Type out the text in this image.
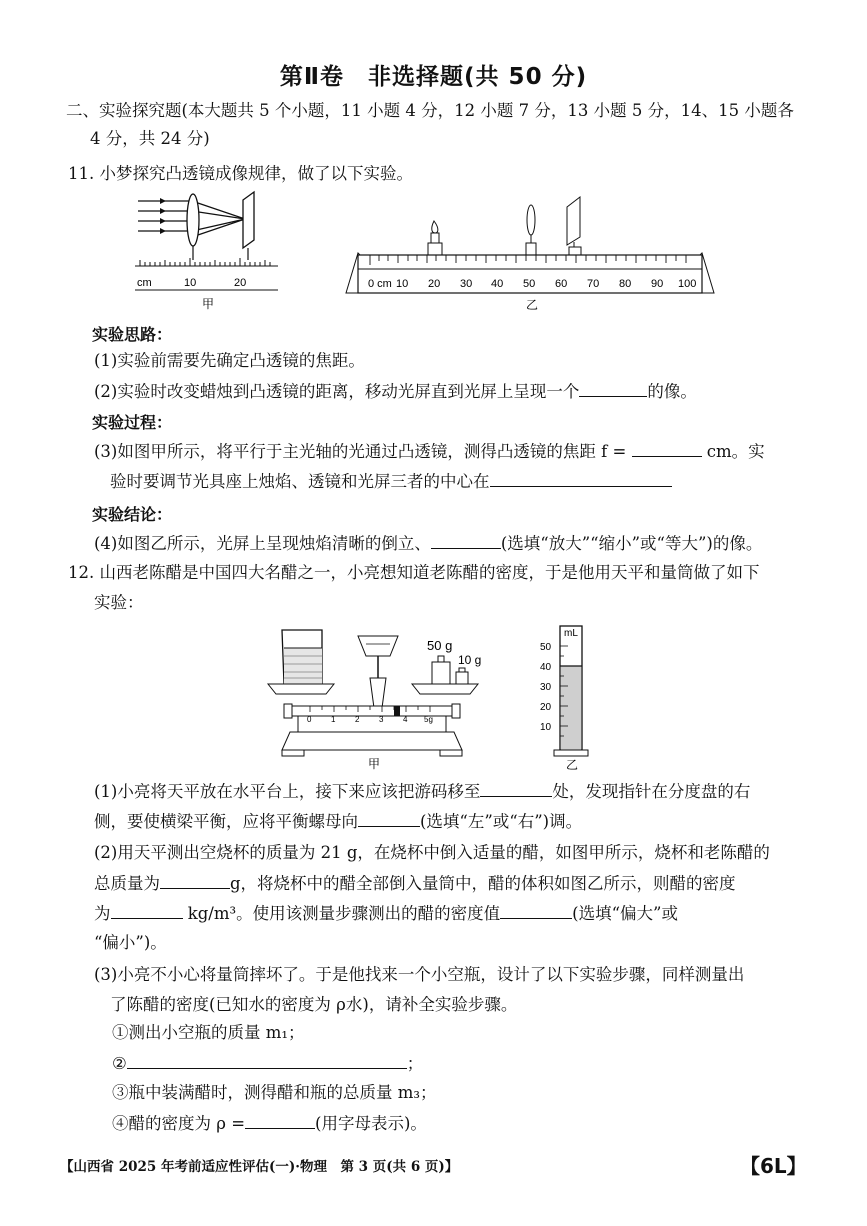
第Ⅱ卷　非选择题(共 50 分)
二、实验探究题(本大题共 5 个小题，11 小题 4 分，12 小题 7 分，13 小题 5 分，14、15 小题各
4 分，共 24 分)
11. 小梦探究凸透镜成像规律，做了以下实验。
cm	10	20
甲
0 cm 10 20 30 40 50 60 70 80 90 100
乙
实验思路：
(1)实验前需要先确定凸透镜的焦距。
(2)实验时改变蜡烛到凸透镜的距离，移动光屏直到光屏上呈现一个	的像。
实验过程：
(3)如图甲所示，将平行于主光轴的光通过凸透镜，测得凸透镜的焦距 f =	cm。实
验时要调节光具座上烛焰、透镜和光屏三者的中心在
实验结论：
(4)如图乙所示，光屏上呈现烛焰清晰的倒立、	(选填“放大”“缩小”或“等大”)的像。
12. 山西老陈醋是中国四大名醋之一，小亮想知道老陈醋的密度，于是他用天平和量筒做了如下
实验：
50 g
10 g
0 1 2 3 4 5g
甲
mL
50
40
30
20
10
乙
(1)小亮将天平放在水平台上，接下来应该把游码移至	处，发现指针在分度盘的右
侧，要使横梁平衡，应将平衡螺母向	(选填“左”或“右”)调。
(2)用天平测出空烧杯的质量为 21 g，在烧杯中倒入适量的醋，如图甲所示，烧杯和老陈醋的
总质量为	g，将烧杯中的醋全部倒入量筒中，醋的体积如图乙所示，则醋的密度
为	kg/m³。使用该测量步骤测出的醋的密度值	(选填“偏大”或
“偏小”)。
(3)小亮不小心将量筒摔坏了。于是他找来一个小空瓶，设计了以下实验步骤，同样测量出
了陈醋的密度(已知水的密度为 ρ水)，请补全实验步骤。
①测出小空瓶的质量 m₁；
②	；
③瓶中装满醋时，测得醋和瓶的总质量 m₃；
④醋的密度为 ρ =	(用字母表示)。
【山西省 2025 年考前适应性评估(一)·物理　第 3 页(共 6 页)】	【6L】
